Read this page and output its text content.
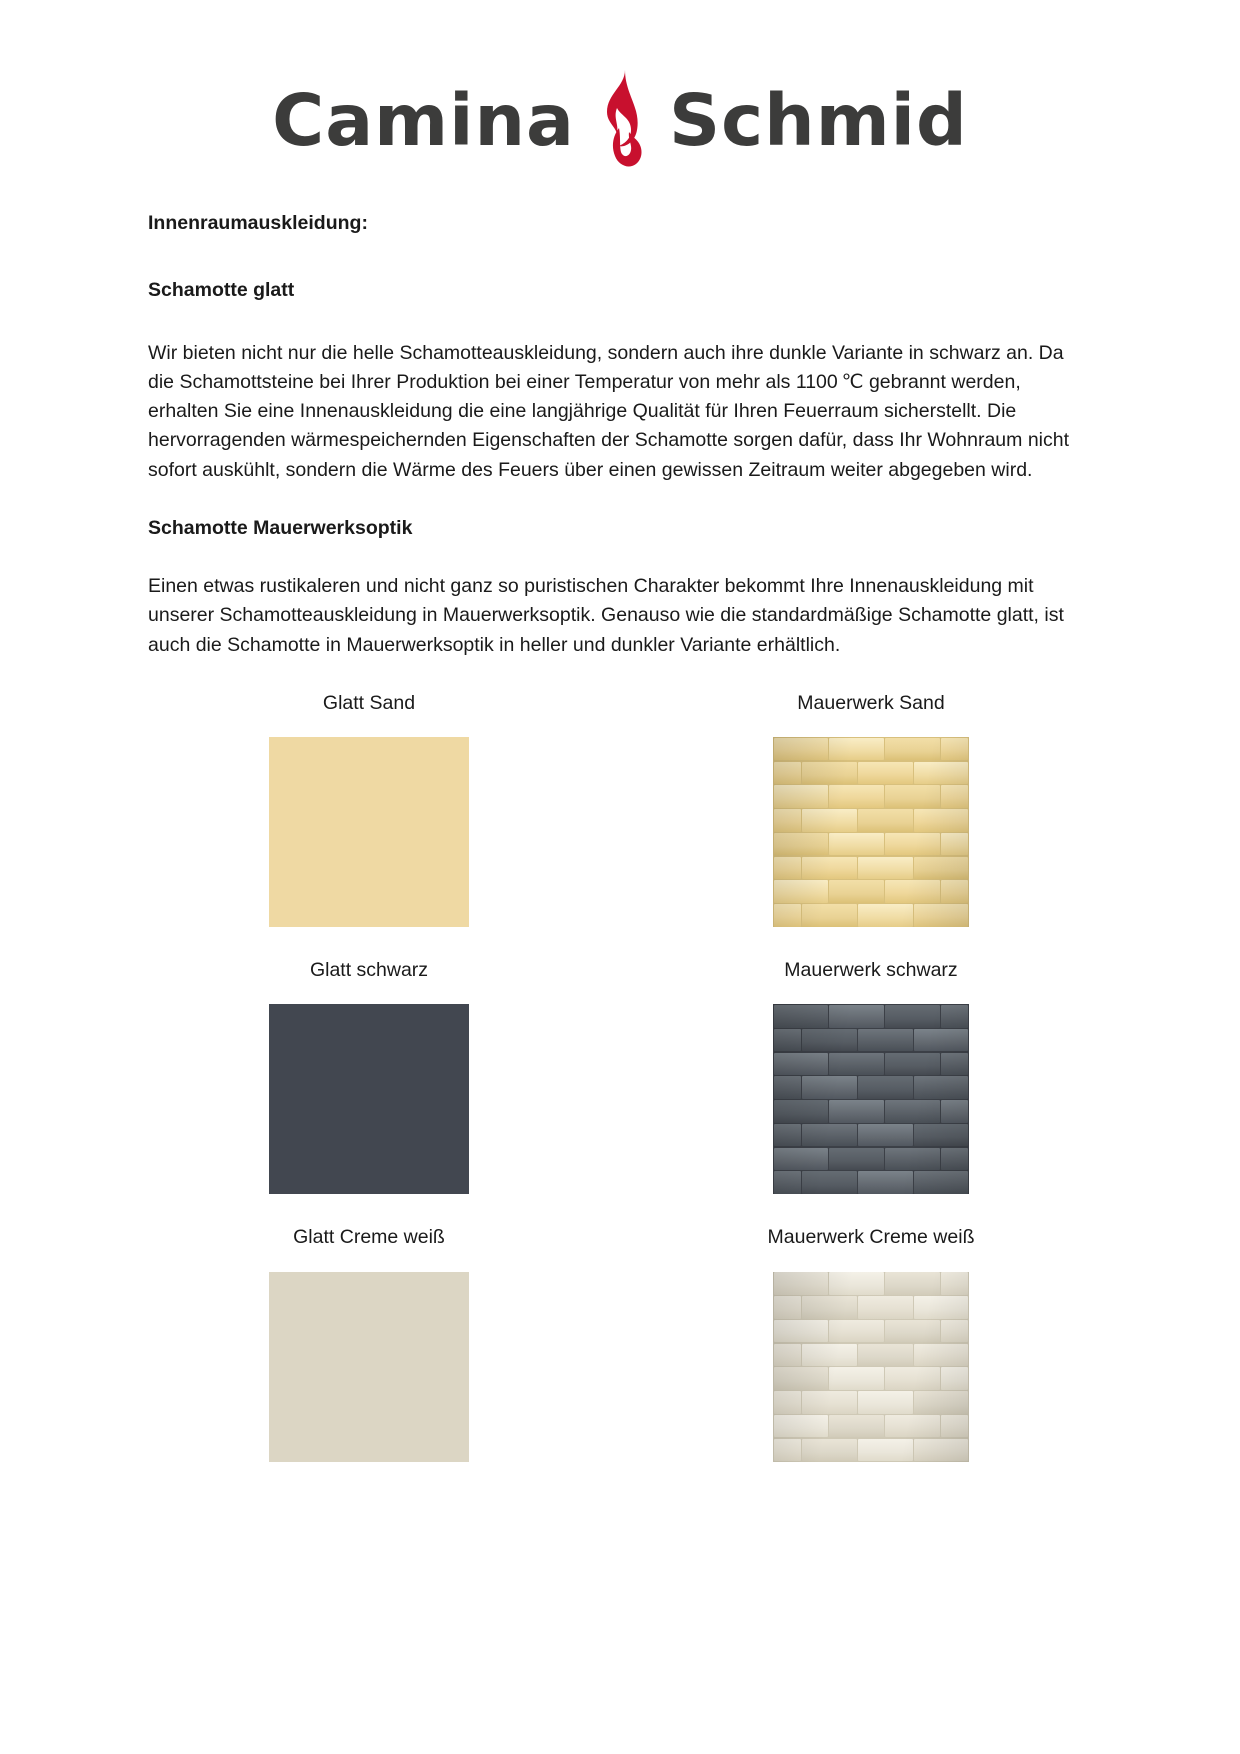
Camina Schmid
Innenraumauskleidung:
Schamotte glatt

Wir bieten nicht nur die helle Schamotteauskleidung, sondern auch ihre dunkle Variante in schwarz an. Da die Schamottsteine bei Ihrer Produktion bei einer Temperatur von mehr als 1100 ℃ gebrannt werden, erhalten Sie eine Innenauskleidung die eine langjährige Qualität für Ihren Feuerraum sicherstellt. Die hervorragenden wärmespeichernden Eigenschaften der Schamotte sorgen dafür, dass Ihr Wohnraum nicht sofort auskühlt, sondern die Wärme des Feuers über einen gewissen Zeitraum weiter abgegeben wird.

Schamotte Mauerwerksoptik

Einen etwas rustikaleren und nicht ganz so puristischen Charakter bekommt Ihre Innenauskleidung mit unserer Schamotteauskleidung in Mauerwerksoptik. Genauso wie die standardmäßige Schamotte glatt, ist auch die Schamotte in Mauerwerksoptik in heller und dunkler Variante erhältlich.

Glatt Sand	Mauerwerk Sand
Glatt schwarz	Mauerwerk schwarz
Glatt Creme weiß	Mauerwerk Creme weiß
